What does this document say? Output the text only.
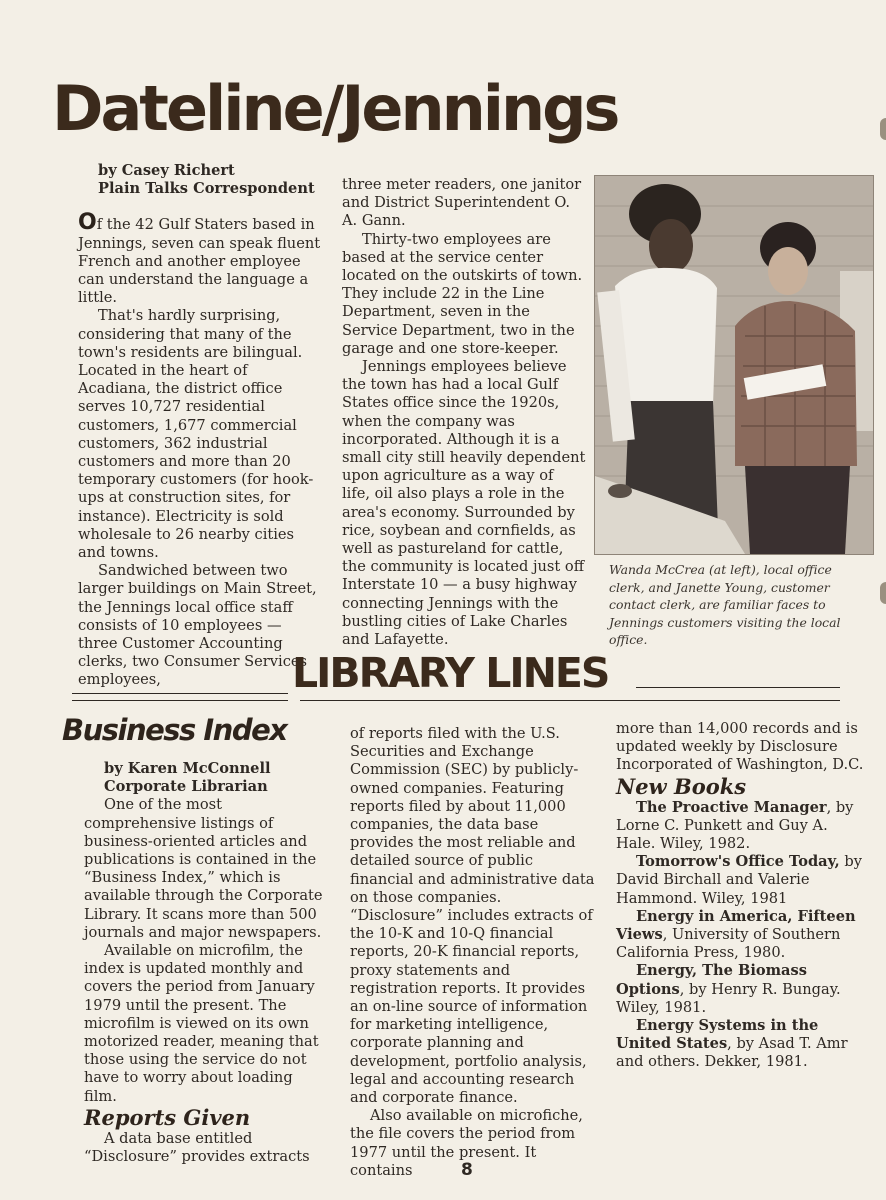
Dateline/Jennings

by Casey Richert

Plain Talks Correspondent

Of the 42 Gulf Staters based in Jennings, seven can speak fluent French and another employee can understand the language a little.

That's hardly surprising, considering that many of the town's residents are bilingual. Located in the heart of Acadiana, the district office serves 10,727 residential customers, 1,677 commercial customers, 362 industrial customers and more than 20 temporary customers (for hook-ups at construction sites, for instance). Electricity is sold wholesale to 26 nearby cities and towns.

Sandwiched between two larger buildings on Main Street, the Jennings local office staff consists of 10 employees — three Customer Accounting clerks, two Consumer Services employees,

three meter readers, one janitor and District Superintendent O. A. Gann.

Thirty-two employees are based at the service center located on the outskirts of town. They include 22 in the Line Department, seven in the Service Department, two in the garage and one store-keeper.

Jennings employees believe the town has had a local Gulf States office since the 1920s, when the company was incorporated. Although it is a small city still heavily dependent upon agriculture as a way of life, oil also plays a role in the area's economy. Surrounded by rice, soybean and cornfields, as well as pastureland for cattle, the community is located just off Interstate 10 — a busy highway connecting Jennings with the bustling cities of Lake Charles and Lafayette.

Wanda McCrea (at left), local office clerk, and Janette Young, customer contact clerk, are familiar faces to Jennings customers visiting the local office.
LIBRARY LINES
Business Index

by Karen McConnell

Corporate Librarian

One of the most comprehensive listings of business-oriented articles and publications is contained in the “Business Index,” which is available through the Corporate Library. It scans more than 500 journals and major newspapers.

Available on microfilm, the index is updated monthly and covers the period from January 1979 until the present. The microfilm is viewed on its own motorized reader, meaning that those using the service do not have to worry about loading film.

Reports Given

A data base entitled “Disclosure” provides extracts

of reports filed with the U.S. Securities and Exchange Commission (SEC) by publicly-owned companies. Featuring reports filed by about 11,000 companies, the data base provides the most reliable and detailed source of public financial and administrative data on those companies. “Disclosure” includes extracts of the 10-K and 10-Q financial reports, 20-K financial reports, proxy statements and registration reports. It provides an on-line source of information for marketing intelligence, corporate planning and development, portfolio analysis, legal and accounting research and corporate finance.

Also available on microfiche, the file covers the period from 1977 until the present. It contains

more than 14,000 records and is updated weekly by Disclosure Incorporated of Washington, D.C.

New Books

The Proactive Manager, by Lorne C. Punkett and Guy A. Hale. Wiley, 1982.

Tomorrow's Office Today, by David Birchall and Valerie Hammond. Wiley, 1981

Energy in America, Fifteen Views, University of Southern California Press, 1980.

Energy, The Biomass Options, by Henry R. Bungay. Wiley, 1981.

Energy Systems in the United States, by Asad T. Amr and others. Dekker, 1981.

8
